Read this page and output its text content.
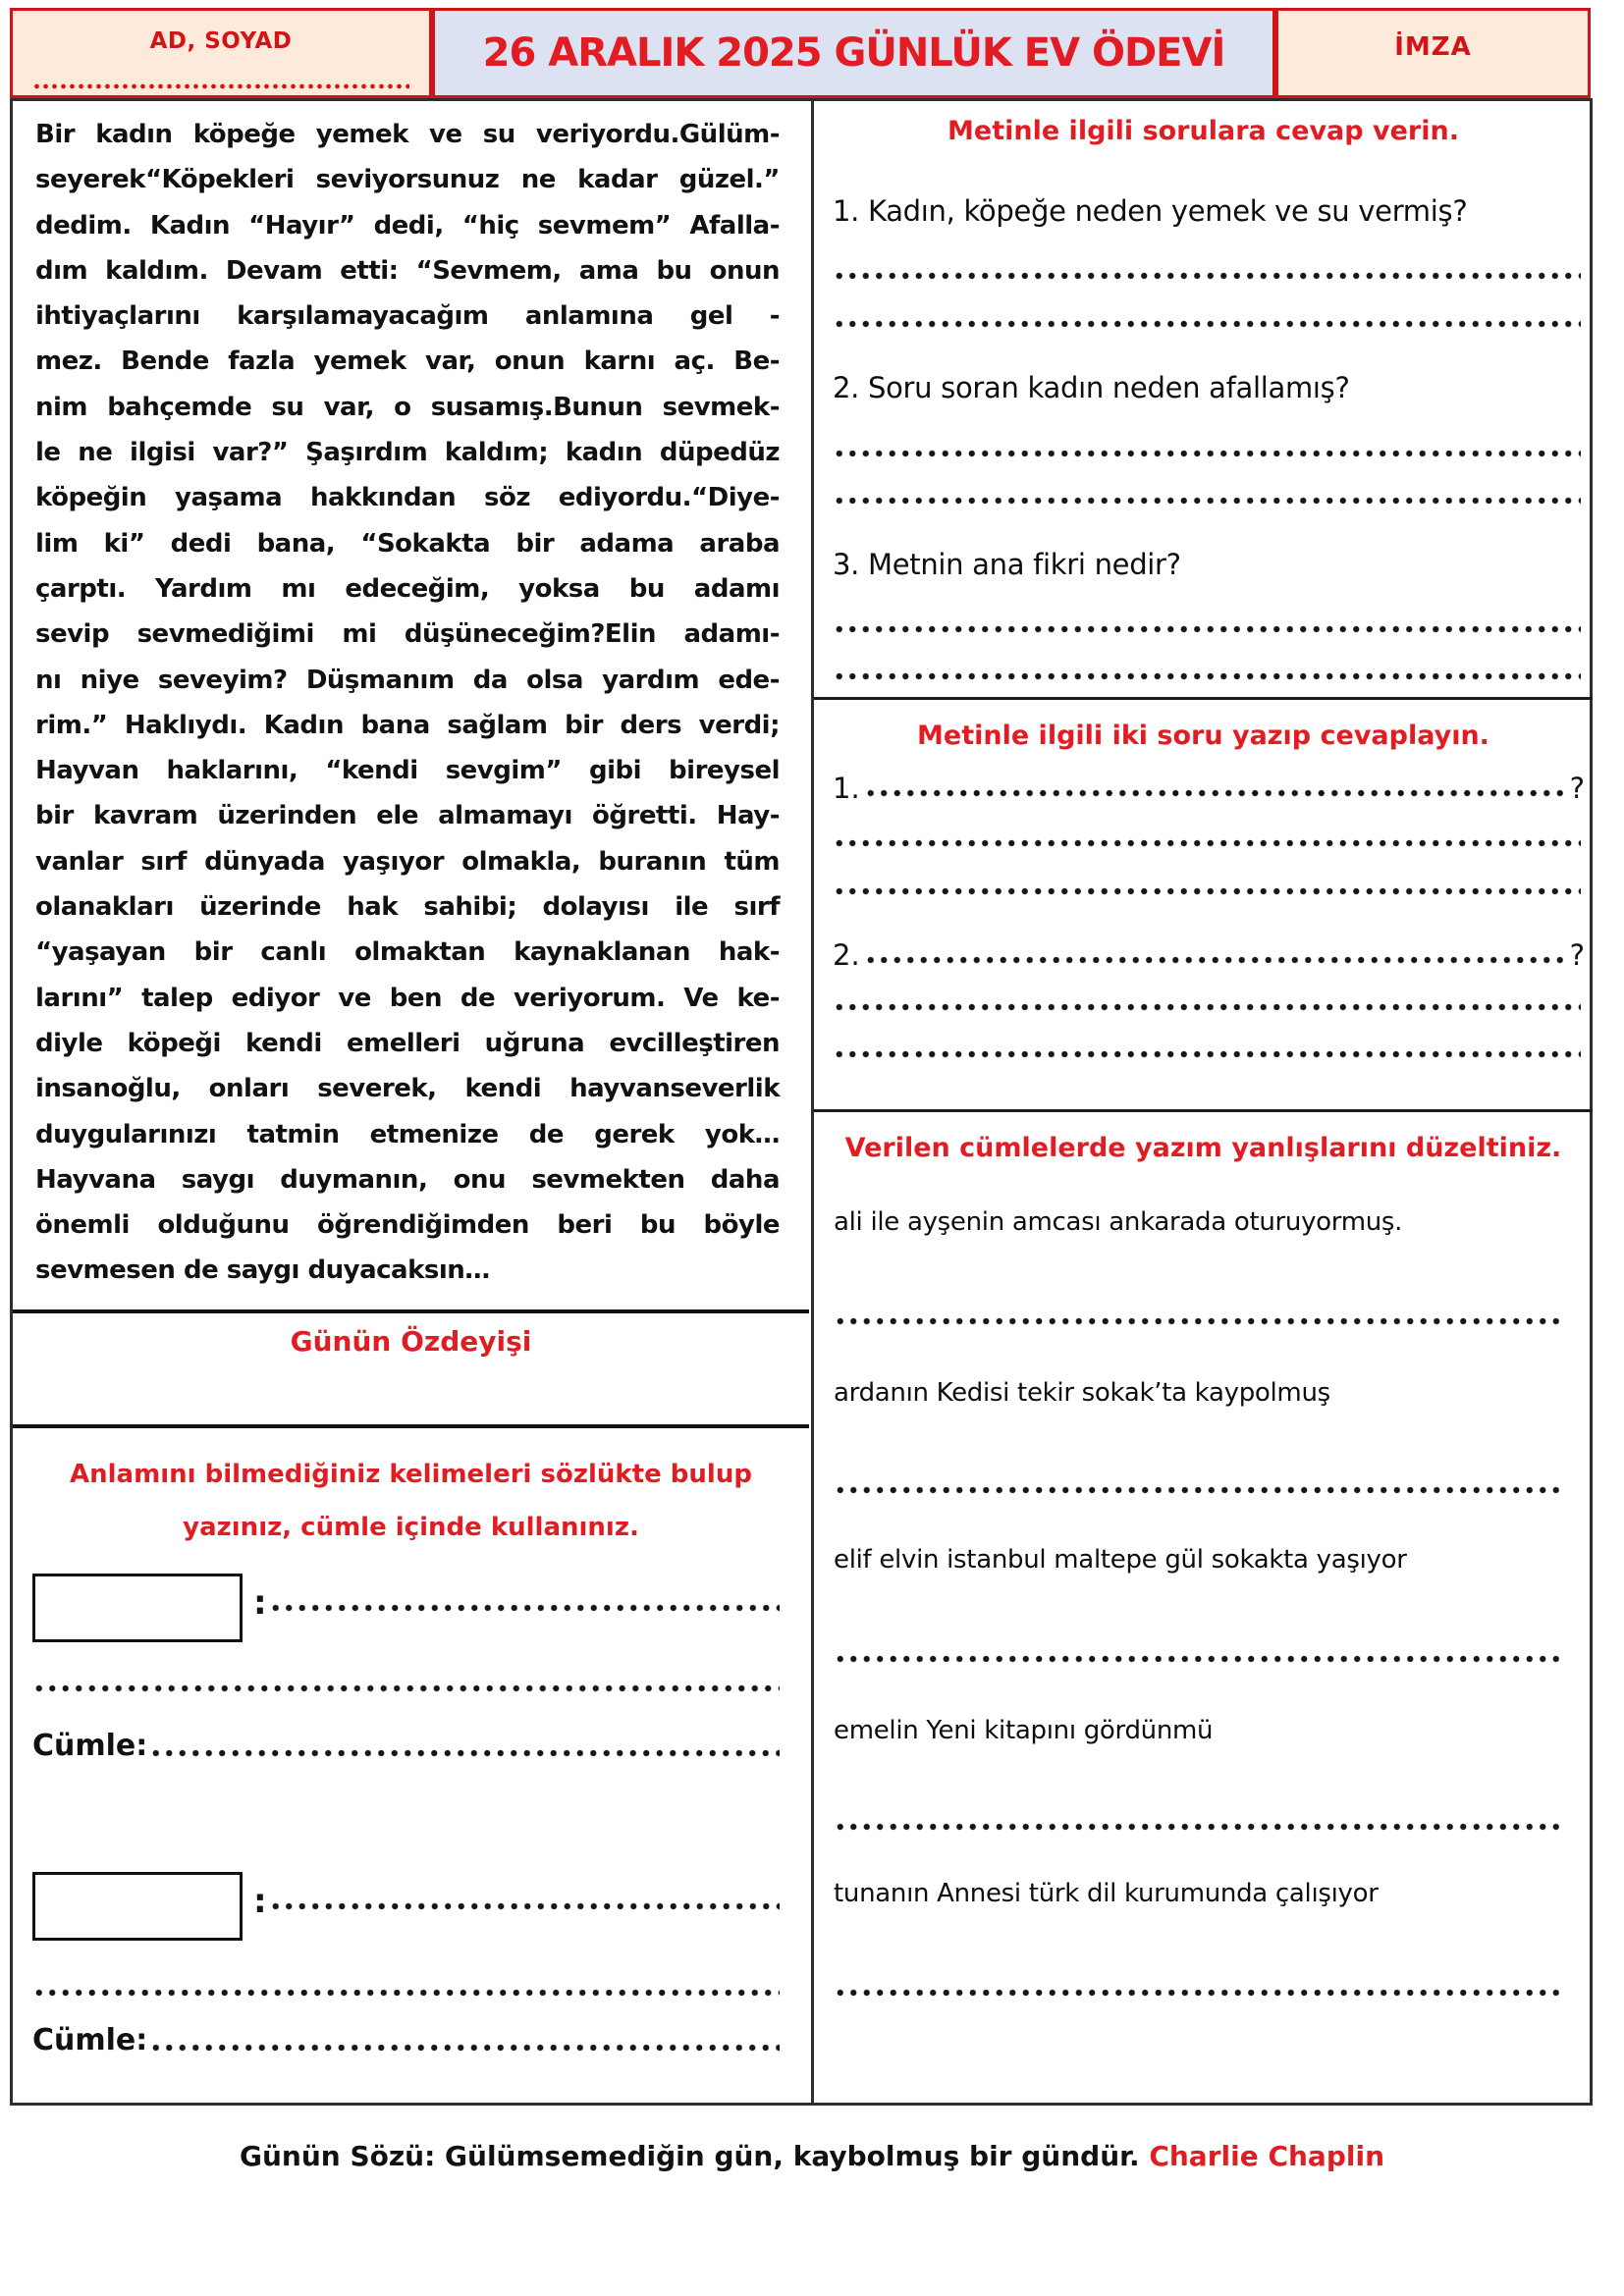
AD, SOYAD	26 ARALIK 2025 GÜNLÜK EV ÖDEVİ	İMZA
Bir kadın köpeğe yemek ve su veriyordu.Gülüm-
seyerek“Köpekleri seviyorsunuz ne kadar güzel.”
dedim. Kadın “Hayır” dedi, “hiç sevmem” Afalla-
dım kaldım. Devam etti: “Sevmem, ama bu onun
ihtiyaçlarını karşılamayacağım anlamına gel -
mez. Bende fazla yemek var, onun karnı aç. Be-
nim bahçemde su var, o susamış.Bunun sevmek-
le ne ilgisi var?” Şaşırdım kaldım; kadın düpedüz
köpeğin yaşama hakkından söz ediyordu.“Diye-
lim ki” dedi bana, “Sokakta bir adama araba
çarptı. Yardım mı edeceğim, yoksa bu adamı
sevip sevmediğimi mi düşüneceğim?Elin adamı-
nı niye seveyim? Düşmanım da olsa yardım ede-
rim.” Haklıydı. Kadın bana sağlam bir ders verdi;
Hayvan haklarını, “kendi sevgim” gibi bireysel
bir kavram üzerinden ele almamayı öğretti. Hay-
vanlar sırf dünyada yaşıyor olmakla, buranın tüm
olanakları üzerinde hak sahibi; dolayısı ile sırf
“yaşayan bir canlı olmaktan kaynaklanan hak-
larını” talep ediyor ve ben de veriyorum. Ve ke-
diyle köpeği kendi emelleri uğruna evcilleştiren
insanoğlu, onları severek, kendi hayvanseverlik
duygularınızı tatmin etmenize de gerek yok…
Hayvana saygı duymanın, onu sevmekten daha
önemli olduğunu öğrendiğimden beri bu böyle
sevmesen de saygı duyacaksın…
Günün Özdeyişi
Anlamını bilmediğiniz kelimeleri sözlükte bulup
yazınız, cümle içinde kullanınız.
:
Cümle:
:
Cümle:
Metinle ilgili sorulara cevap verin.
1. Kadın, köpeğe neden yemek ve su vermiş?
2. Soru soran kadın neden afallamış?
3. Metnin ana fikri nedir?
Metinle ilgili iki soru yazıp cevaplayın.
1.	?
2.	?
Verilen cümlelerde yazım yanlışlarını düzeltiniz.
ali ile ayşenin amcası ankarada oturuyormuş.
ardanın Kedisi tekir sokak’ta kaypolmuş
elif elvin istanbul maltepe gül sokakta yaşıyor
emelin Yeni kitapını gördünmü
tunanın Annesi türk dil kurumunda çalışıyor
Günün Sözü: Gülümsemediğin gün, kaybolmuş bir gündür. Charlie Chaplin
